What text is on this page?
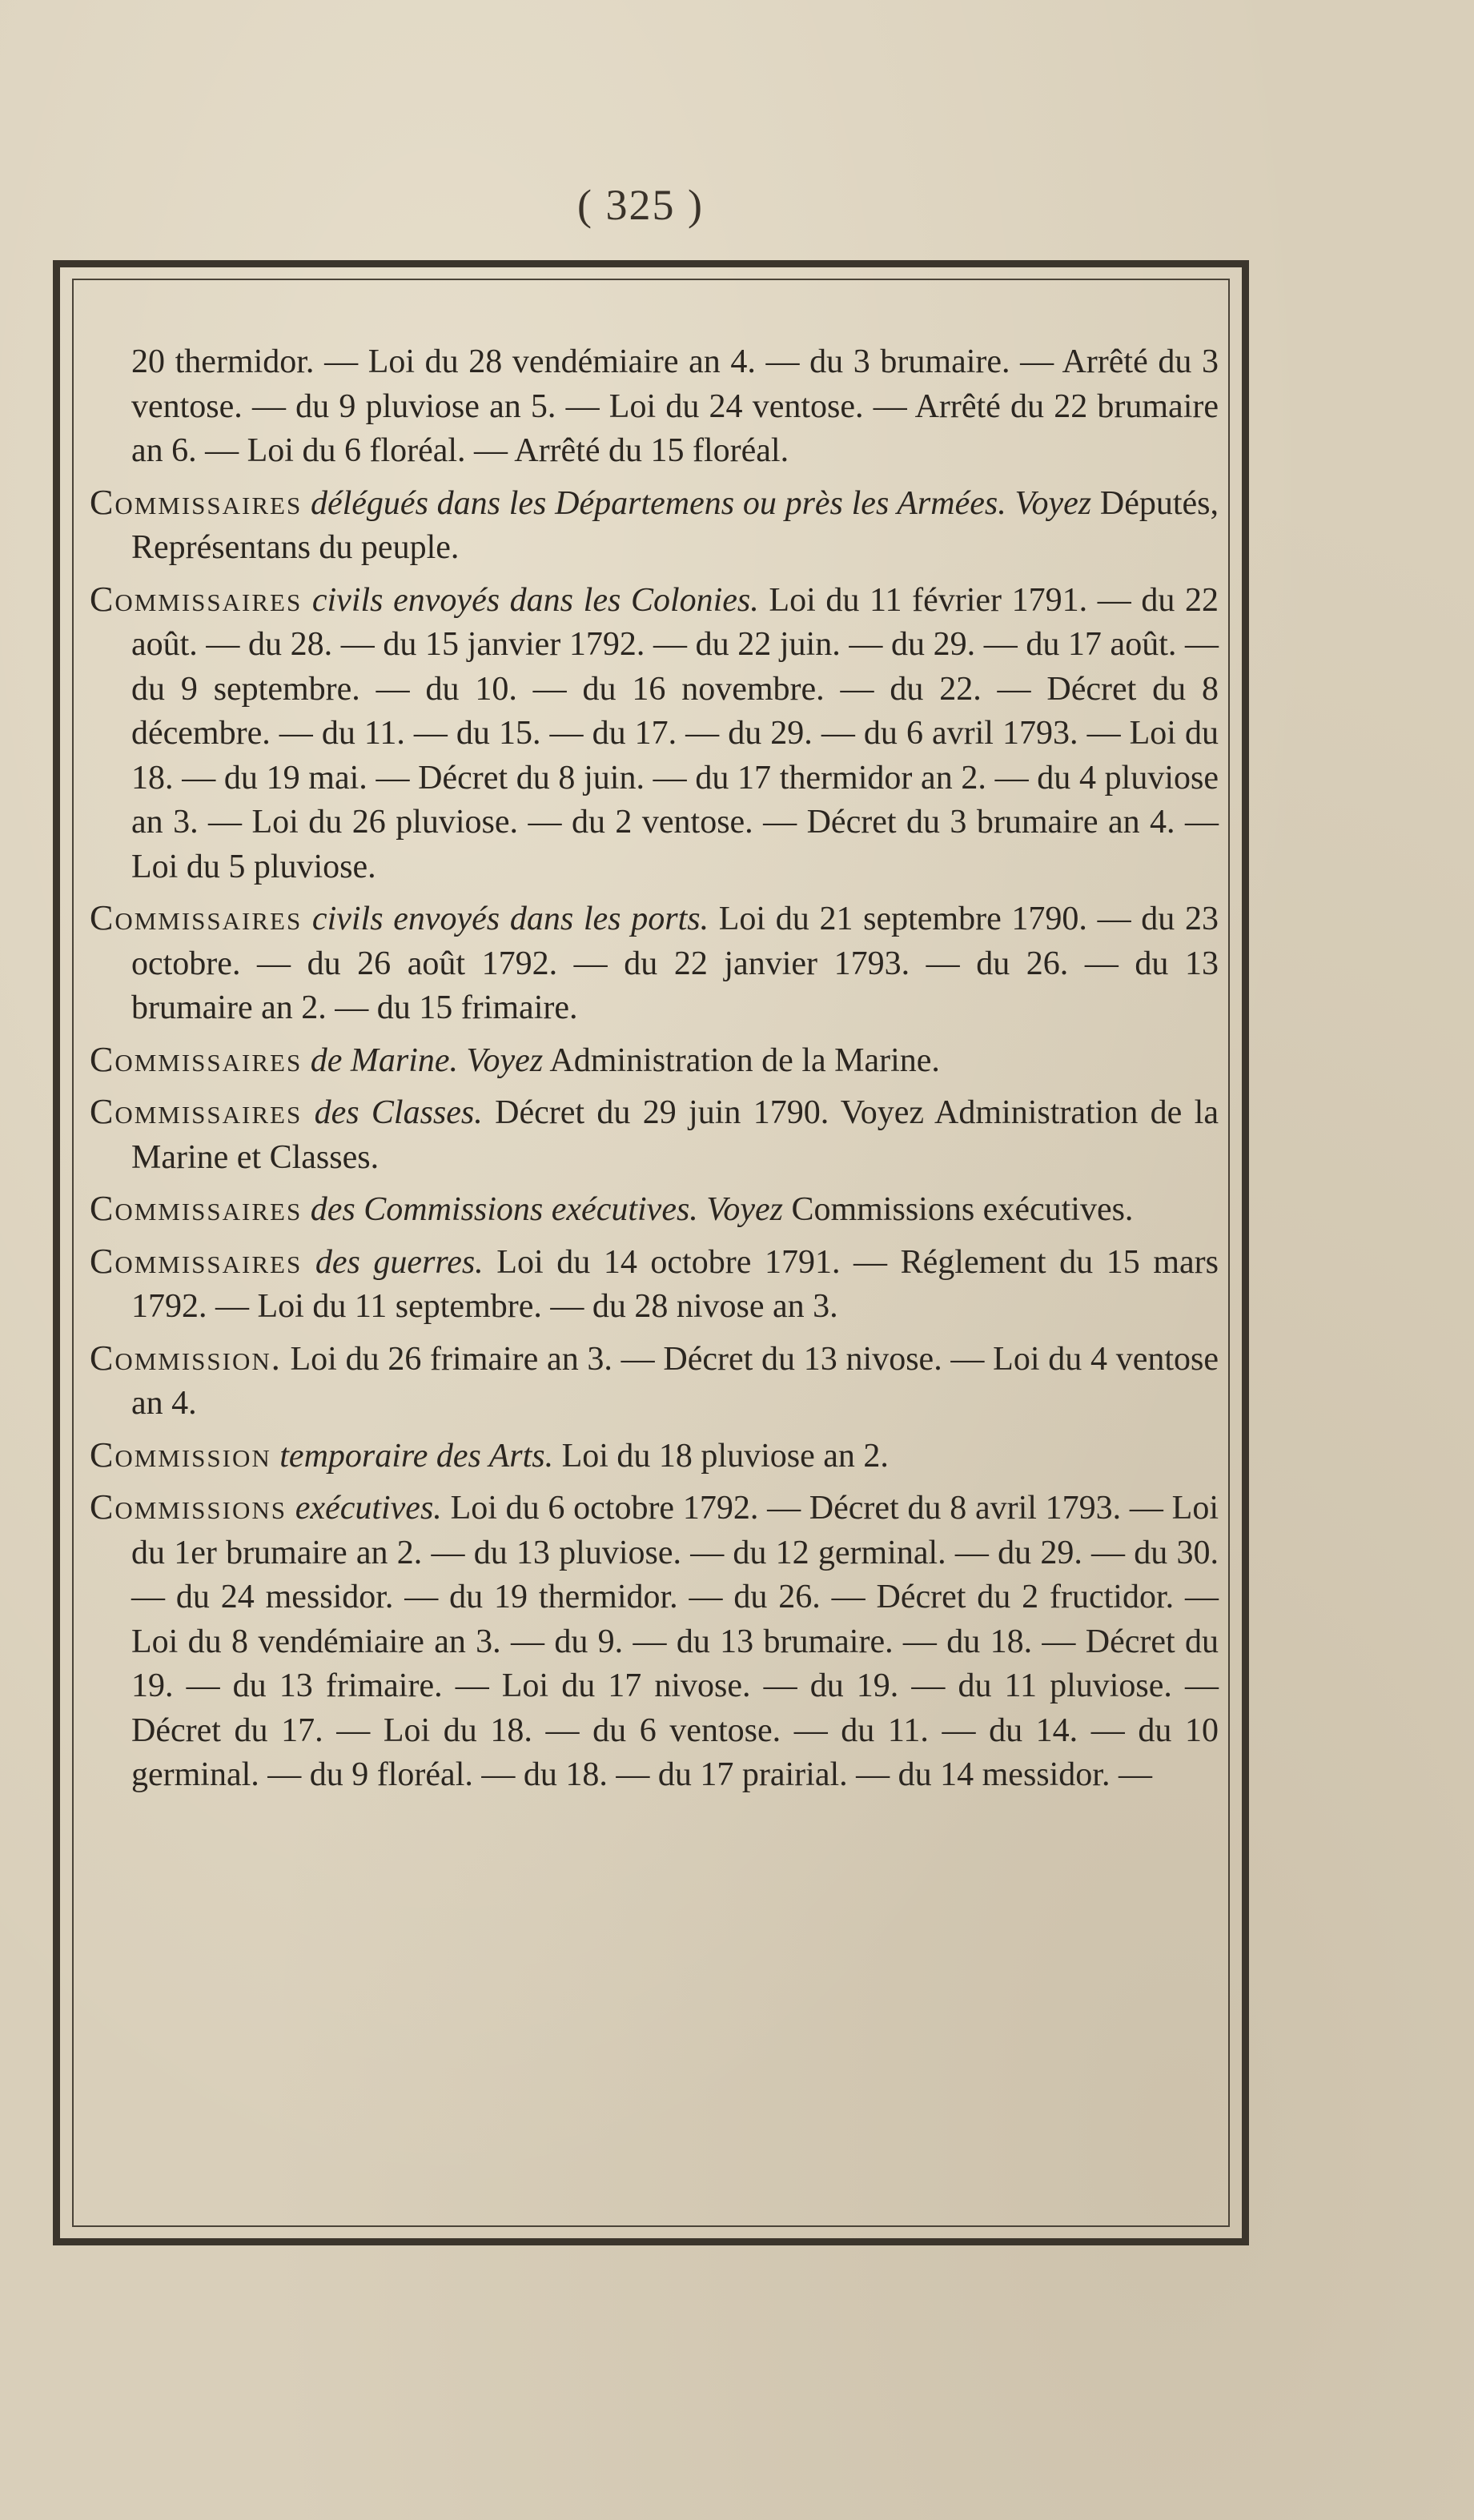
( 325 )

20 thermidor. — Loi du 28 vendémiaire an 4. — du 3 brumaire. — Arrêté du 3 ventose. — du 9 pluviose an 5. — Loi du 24 ventose. — Arrêté du 22 brumaire an 6. — Loi du 6 floréal. — Arrêté du 15 floréal.

Commissaires délégués dans les Départemens ou près les Armées. Voyez Députés, Représentans du peuple.

Commissaires civils envoyés dans les Colonies. Loi du 11 février 1791. — du 22 août. — du 28. — du 15 janvier 1792. — du 22 juin. — du 29. — du 17 août. — du 9 septembre. — du 10. — du 16 novembre. — du 22. — Décret du 8 décembre. — du 11. — du 15. — du 17. — du 29. — du 6 avril 1793. — Loi du 18. — du 19 mai. — Décret du 8 juin. — du 17 thermidor an 2. — du 4 pluviose an 3. — Loi du 26 pluviose. — du 2 ventose. — Décret du 3 brumaire an 4. — Loi du 5 pluviose.

Commissaires civils envoyés dans les ports. Loi du 21 septembre 1790. — du 23 octobre. — du 26 août 1792. — du 22 janvier 1793. — du 26. — du 13 brumaire an 2. — du 15 frimaire.

Commissaires de Marine. Voyez Administration de la Marine.

Commissaires des Classes. Décret du 29 juin 1790. Voyez Administration de la Marine et Classes.

Commissaires des Commissions exécutives. Voyez Commissions exécutives.

Commissaires des guerres. Loi du 14 octobre 1791. — Réglement du 15 mars 1792. — Loi du 11 septembre. — du 28 nivose an 3.

Commission. Loi du 26 frimaire an 3. — Décret du 13 nivose. — Loi du 4 ventose an 4.

Commission temporaire des Arts. Loi du 18 pluviose an 2.

Commissions exécutives. Loi du 6 octobre 1792. — Décret du 8 avril 1793. — Loi du 1er brumaire an 2. — du 13 pluviose. — du 12 germinal. — du 29. — du 30. — du 24 messidor. — du 19 thermidor. — du 26. — Décret du 2 fructidor. — Loi du 8 vendémiaire an 3. — du 9. — du 13 brumaire. — du 18. — Décret du 19. — du 13 frimaire. — Loi du 17 nivose. — du 19. — du 11 pluviose. — Décret du 17. — Loi du 18. — du 6 ventose. — du 11. — du 14. — du 10 germinal. — du 9 floréal. — du 18. — du 17 prairial. — du 14 messidor. —
